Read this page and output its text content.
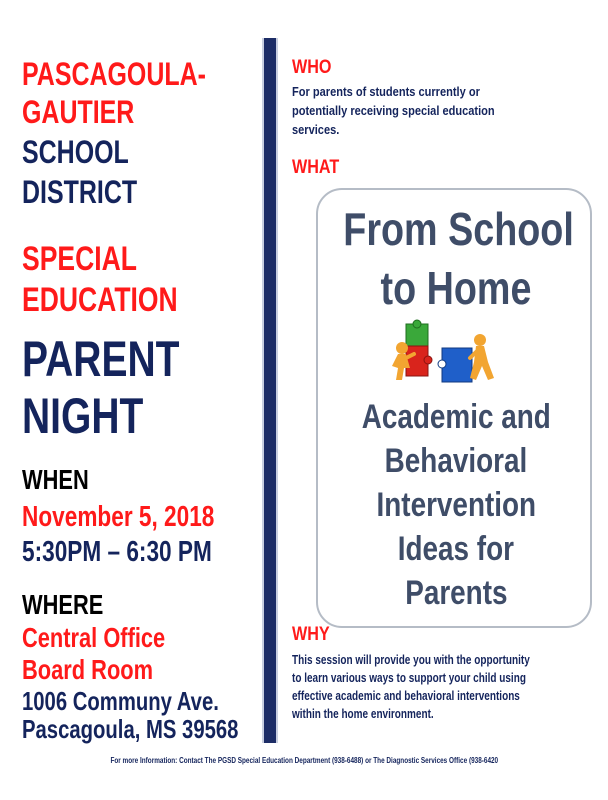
PASCAGOULA-
GAUTIER
SCHOOL
DISTRICT
SPECIAL
EDUCATION
PARENT
NIGHT
WHEN
November 5, 2018
5:30PM – 6:30 PM
WHERE
Central Office
Board Room
1006 Communy Ave.
Pascagoula, MS 39568
WHO
For parents of students currently or
potentially receiving special education
services.
WHAT
From School
to Home
Academic and
Behavioral
Intervention
Ideas for
Parents
WHY
This session will provide you with the opportunity
to learn various ways to support your child using
effective academic and behavioral interventions
within the home environment.
For more Information: Contact The PGSD Special Education Department (938-6488) or The Diagnostic Services Office (938-6420
